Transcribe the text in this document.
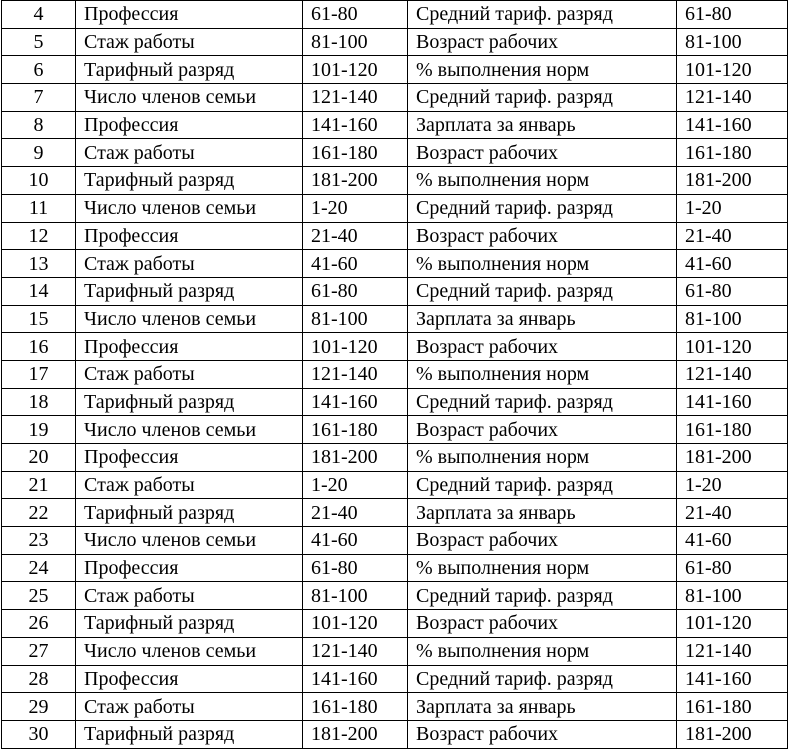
4	Профессия	61-80	Средний тариф. разряд	61-80
5	Стаж работы	81-100	Возраст рабочих	81-100
6	Тарифный разряд	101-120	% выполнения норм	101-120
7	Число членов семьи	121-140	Средний тариф. разряд	121-140
8	Профессия	141-160	Зарплата за январь	141-160
9	Стаж работы	161-180	Возраст рабочих	161-180
10	Тарифный разряд	181-200	% выполнения норм	181-200
11	Число членов семьи	1-20	Средний тариф. разряд	1-20
12	Профессия	21-40	Возраст рабочих	21-40
13	Стаж работы	41-60	% выполнения норм	41-60
14	Тарифный разряд	61-80	Средний тариф. разряд	61-80
15	Число членов семьи	81-100	Зарплата за январь	81-100
16	Профессия	101-120	Возраст рабочих	101-120
17	Стаж работы	121-140	% выполнения норм	121-140
18	Тарифный разряд	141-160	Средний тариф. разряд	141-160
19	Число членов семьи	161-180	Возраст рабочих	161-180
20	Профессия	181-200	% выполнения норм	181-200
21	Стаж работы	1-20	Средний тариф. разряд	1-20
22	Тарифный разряд	21-40	Зарплата за январь	21-40
23	Число членов семьи	41-60	Возраст рабочих	41-60
24	Профессия	61-80	% выполнения норм	61-80
25	Стаж работы	81-100	Средний тариф. разряд	81-100
26	Тарифный разряд	101-120	Возраст рабочих	101-120
27	Число членов семьи	121-140	% выполнения норм	121-140
28	Профессия	141-160	Средний тариф. разряд	141-160
29	Стаж работы	161-180	Зарплата за январь	161-180
30	Тарифный разряд	181-200	Возраст рабочих	181-200
